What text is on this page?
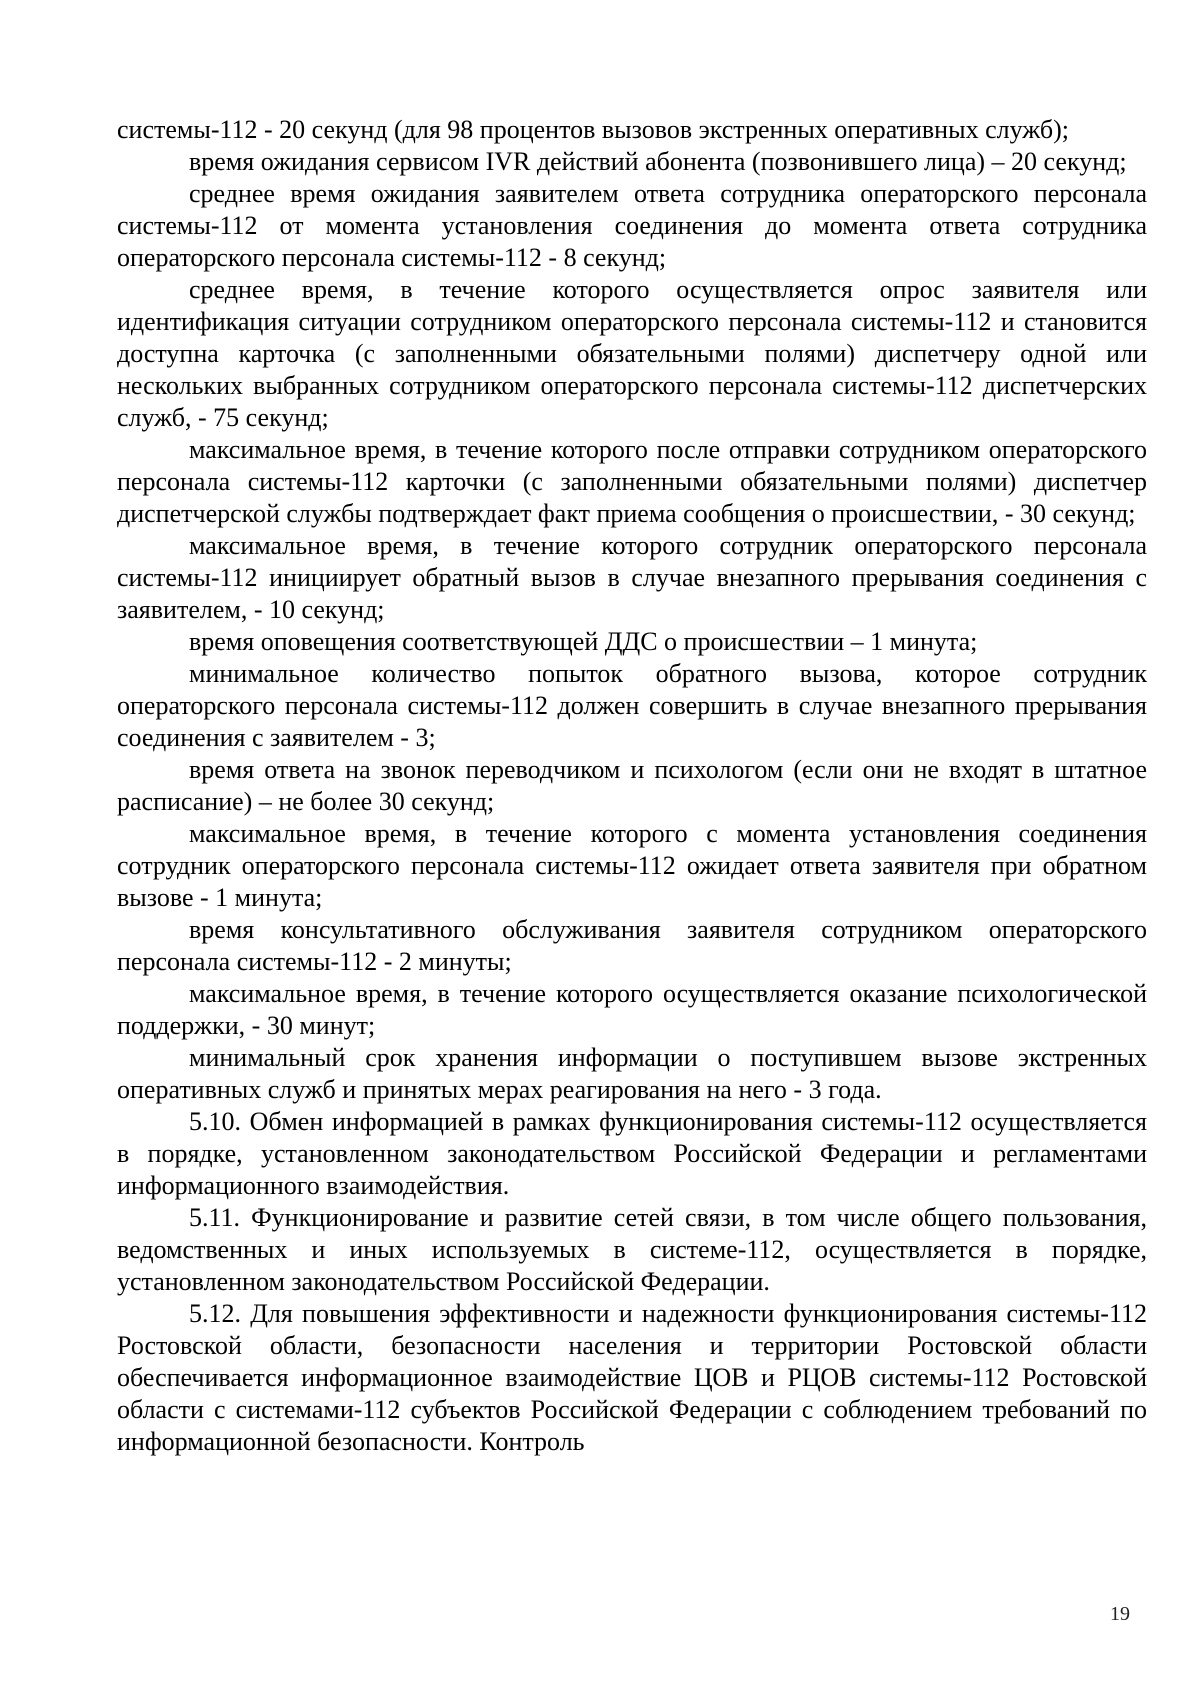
системы-112 - 20 секунд (для 98 процентов вызовов экстренных оперативных служб);

время ожидания сервисом IVR действий абонента (позвонившего лица) – 20 секунд;

среднее время ожидания заявителем ответа сотрудника операторского персонала системы-112 от момента установления соединения до момента ответа сотрудника операторского персонала системы-112 - 8 секунд;

среднее время, в течение которого осуществляется опрос заявителя или идентификация ситуации сотрудником операторского персонала системы-112 и становится доступна карточка (с заполненными обязательными полями) диспетчеру одной или нескольких выбранных сотрудником операторского персонала системы-112 диспетчерских служб, - 75 секунд;

максимальное время, в течение которого после отправки сотрудником операторского персонала системы-112 карточки (с заполненными обязательными полями) диспетчер диспетчерской службы подтверждает факт приема сообщения о происшествии, - 30 секунд;

максимальное время, в течение которого сотрудник операторского персонала системы-112 инициирует обратный вызов в случае внезапного прерывания соединения с заявителем, - 10 секунд;

время оповещения соответствующей ДДС о происшествии – 1 минута;

минимальное количество попыток обратного вызова, которое сотрудник операторского персонала системы-112 должен совершить в случае внезапного прерывания соединения с заявителем - 3;

время ответа на звонок переводчиком и психологом (если они не входят в штатное расписание) – не более 30 секунд;

максимальное время, в течение которого с момента установления соединения сотрудник операторского персонала системы-112 ожидает ответа заявителя при обратном вызове - 1 минута;

время консультативного обслуживания заявителя сотрудником операторского персонала системы-112 - 2 минуты;

максимальное время, в течение которого осуществляется оказание психологической поддержки, - 30 минут;

минимальный срок хранения информации о поступившем вызове экстренных оперативных служб и принятых мерах реагирования на него - 3 года.

5.10. Обмен информацией в рамках функционирования системы-112 осуществляется в порядке, установленном законодательством Российской Федерации и регламентами информационного взаимодействия.

5.11. Функционирование и развитие сетей связи, в том числе общего пользования, ведомственных и иных используемых в системе-112, осуществляется в порядке, установленном законодательством Российской Федерации.

5.12. Для повышения эффективности и надежности функционирования системы-112 Ростовской области, безопасности населения и территории Ростовской области обеспечивается информационное взаимодействие ЦОВ и РЦОВ системы-112 Ростовской области с системами-112 субъектов Российской Федерации с соблюдением требований по информационной безопасности. Контроль

19
